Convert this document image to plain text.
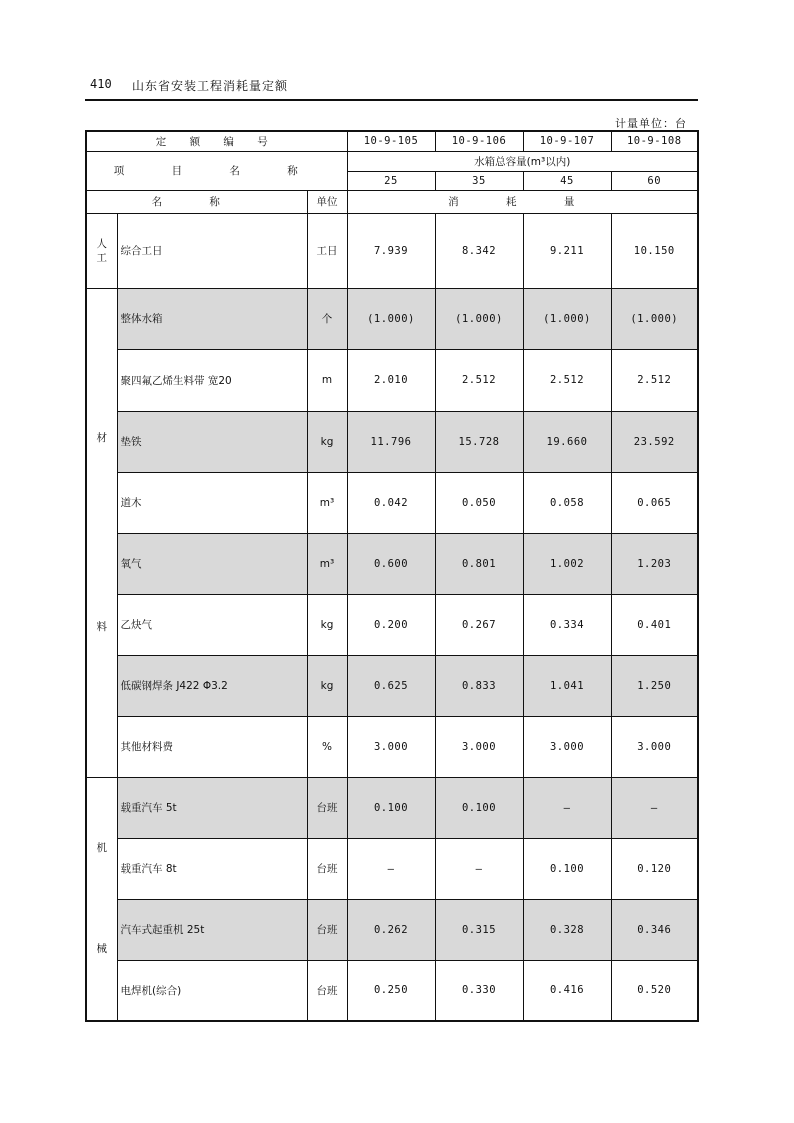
410 山东省安装工程消耗量定额
计量单位：台
定 额 编 号			10-9-105	10-9-106	10-9-107	10-9-108
项 目 名 称			水箱总容量(m³以内)			
			25	35	45	60
名 称		单位	消 耗 量			

人
工	综合工日	工日	7.939	8.342	9.211	10.150

材
料	整体水箱	个	(1.000)	(1.000)	(1.000)	(1.000)
	聚四氟乙烯生料带 宽20	m	2.010	2.512	2.512	2.512
	垫铁	kg	11.796	15.728	19.660	23.592
	道木	m³	0.042	0.050	0.058	0.065
	氧气	m³	0.600	0.801	1.002	1.203
	乙炔气	kg	0.200	0.267	0.334	0.401
	低碳钢焊条 J422 Φ3.2	kg	0.625	0.833	1.041	1.250
	其他材料费	%	3.000	3.000	3.000	3.000

机
械	载重汽车 5t	台班	0.100	0.100	—	—
	载重汽车 8t	台班	—	—	0.100	0.120
	汽车式起重机 25t	台班	0.262	0.315	0.328	0.346
	电焊机(综合)	台班	0.250	0.330	0.416	0.520
